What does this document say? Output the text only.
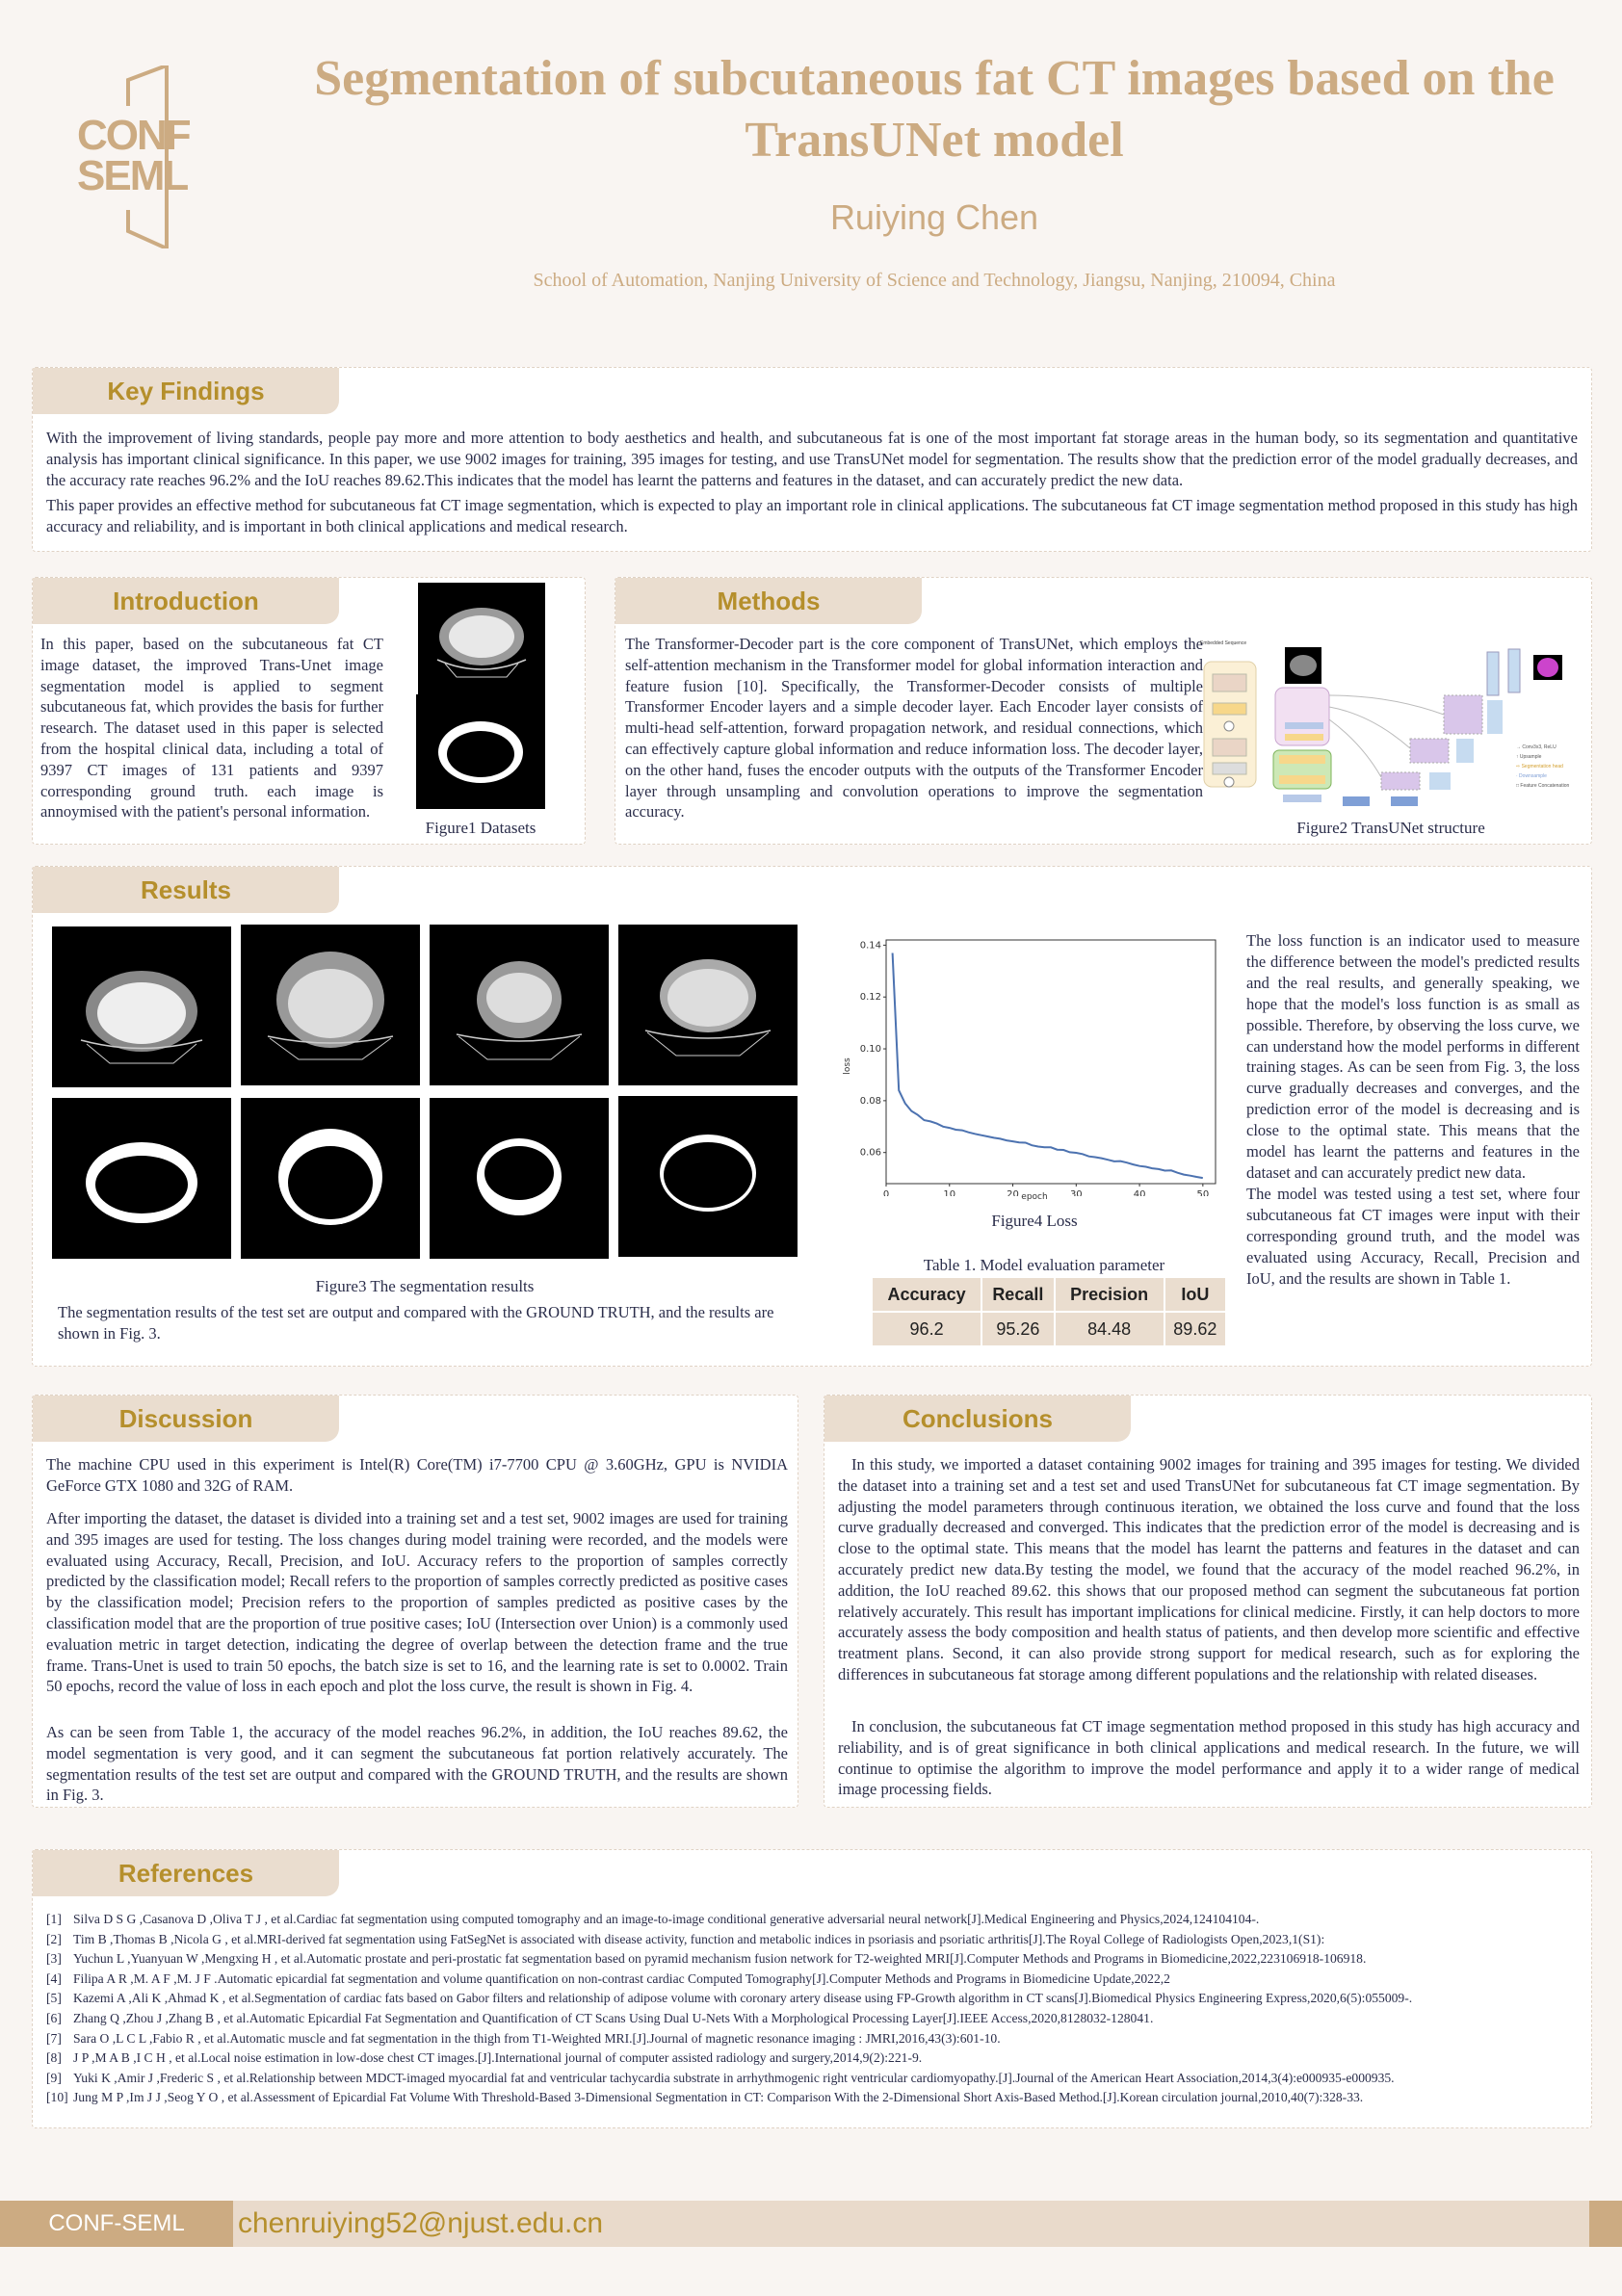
CONF
SEML
Segmentation of subcutaneous fat CT images based on the
TransUNet model
Ruiying Chen
School of Automation, Nanjing University of Science and Technology, Jiangsu, Nanjing, 210094, China
Key Findings
With the improvement of living standards, people pay more and more attention to body aesthetics and health, and subcutaneous fat is one of the most important fat storage areas in the human body, so its segmentation and quantitative analysis has important clinical significance. In this paper, we use 9002 images for training, 395 images for testing, and use TransUNet model for segmentation. The results show that the prediction error of the model gradually decreases, and the accuracy rate reaches 96.2% and the IoU reaches 89.62.This indicates that the model has learnt the patterns and features in the dataset, and can accurately predict the new data.
This paper provides an effective method for subcutaneous fat CT image segmentation, which is expected to play an important role in clinical applications. The subcutaneous fat CT image segmentation method proposed in this study has high accuracy and reliability, and is important in both clinical applications and medical research.
Introduction
In this paper, based on the subcutaneous fat CT image dataset, the improved Trans-Unet image segmentation model is applied to segment subcutaneous fat, which provides the basis for further research. The dataset used in this paper is selected from the hospital clinical data, including a total of 9397 CT images of 131 patients and 9397 corresponding ground truth. each image is annoymised with the patient's personal information.
Figure1 Datasets
Methods
The Transformer-Decoder part is the core component of TransUNet, which employs the self-attention mechanism in the Transformer model for global information interaction and feature fusion [10]. Specifically, the Transformer-Decoder consists of multiple Transformer Encoder layers and a simple decoder layer. Each Encoder layer consists of multi-head self-attention, forward propagation network, and residual connections, which can effectively capture global information and reduce information loss. The decoder layer, on the other hand, fuses the encoder outputs with the outputs of the Transformer Encoder layer through unsampling and convolution operations to improve the segmentation accuracy.
Embedded Sequence
→ Conv3x3, ReLU
↑ Upsample
⇨ Segmentation head
· Downsample
□ Feature Concatenation
Figure2 TransUNet structure
Results
Figure3 The segmentation results
The segmentation results of the test set are output and compared with the GROUND TRUTH, and the results are shown in Fig. 3.
0.06
0.08
0.10
0.12
0.14
0	10	20	30	40	50
loss
epoch
Figure4 Loss
Table 1. Model evaluation parameter
Accuracy	Recall	Precision	IoU
96.2	95.26	84.48	89.62
The loss function is an indicator used to measure the difference between the model's predicted results and the real results, and generally speaking, we hope that the model's loss function is as small as possible. Therefore, by observing the loss curve, we can understand how the model performs in different training stages. As can be seen from Fig. 3, the loss curve gradually decreases and converges, and the prediction error of the model is decreasing and is close to the optimal state. This means that the model has learnt the patterns and features in the dataset and can accurately predict new data.
The model was tested using a test set, where four subcutaneous fat CT images were input with their corresponding ground truth, and the model was evaluated using Accuracy, Recall, Precision and IoU, and the results are shown in Table 1.
Discussion
The machine CPU used in this experiment is Intel(R) Core(TM) i7-7700 CPU @ 3.60GHz, GPU is NVIDIA GeForce GTX 1080 and 32G of RAM.
After importing the dataset, the dataset is divided into a training set and a test set, 9002 images are used for training and 395 images are used for testing. The loss changes during model training were recorded, and the models were evaluated using Accuracy, Recall, Precision, and IoU. Accuracy refers to the proportion of samples correctly predicted by the classification model; Recall refers to the proportion of samples correctly predicted as positive cases by the classification model; Precision refers to the proportion of samples predicted as positive cases by the classification model that are the proportion of true positive cases; IoU (Intersection over Union) is a commonly used evaluation metric in target detection, indicating the degree of overlap between the detection frame and the true frame. Trans-Unet is used to train 50 epochs, the batch size is set to 16, and the learning rate is set to 0.0002. Train 50 epochs, record the value of loss in each epoch and plot the loss curve, the result is shown in Fig. 4.
As can be seen from Table 1, the accuracy of the model reaches 96.2%, in addition, the IoU reaches 89.62, the model segmentation is very good, and it can segment the subcutaneous fat portion relatively accurately. The segmentation results of the test set are output and compared with the GROUND TRUTH, and the results are shown in Fig. 3.
Conclusions
In this study, we imported a dataset containing 9002 images for training and 395 images for testing. We divided the dataset into a training set and a test set and used TransUNet for subcutaneous fat CT image segmentation. By adjusting the model parameters through continuous iteration, we obtained the loss curve and found that the loss curve gradually decreased and converged. This indicates that the prediction error of the model is decreasing and is close to the optimal state. This means that the model has learnt the patterns and features in the dataset and can accurately predict new data.By testing the model, we found that the accuracy of the model reached 96.2%, in addition, the IoU reached 89.62. this shows that our proposed method can segment the subcutaneous fat portion relatively accurately. This result has important implications for clinical medicine. Firstly, it can help doctors to more accurately assess the body composition and health status of patients, and then develop more scientific and effective treatment plans. Second, it can also provide strong support for medical research, such as for exploring the differences in subcutaneous fat storage among different populations and the relationship with related diseases.
In conclusion, the subcutaneous fat CT image segmentation method proposed in this study has high accuracy and reliability, and is of great significance in both clinical applications and medical research. In the future, we will continue to optimise the algorithm to improve the model performance and apply it to a wider range of medical image processing fields.
References
[1] Silva D S G ,Casanova D ,Oliva T J , et al.Cardiac fat segmentation using computed tomography and an image-to-image conditional generative adversarial neural network[J].Medical Engineering and Physics,2024,124104104-.
[2] Tim B ,Thomas B ,Nicola G , et al.MRI-derived fat segmentation using FatSegNet is associated with disease activity, function and metabolic indices in psoriasis and psoriatic arthritis[J].The Royal College of Radiologists Open,2023,1(S1):
[3] Yuchun L ,Yuanyuan W ,Mengxing H , et al.Automatic prostate and peri-prostatic fat segmentation based on pyramid mechanism fusion network for T2-weighted MRI[J].Computer Methods and Programs in Biomedicine,2022,223106918-106918.
[4] Filipa A R ,M. A F ,M. J F .Automatic epicardial fat segmentation and volume quantification on non-contrast cardiac Computed Tomography[J].Computer Methods and Programs in Biomedicine Update,2022,2
[5] Kazemi A ,Ali K ,Ahmad K , et al.Segmentation of cardiac fats based on Gabor filters and relationship of adipose volume with coronary artery disease using FP-Growth algorithm in CT scans[J].Biomedical Physics Engineering Express,2020,6(5):055009-.
[6] Zhang Q ,Zhou J ,Zhang B , et al.Automatic Epicardial Fat Segmentation and Quantification of CT Scans Using Dual U-Nets With a Morphological Processing Layer[J].IEEE Access,2020,8128032-128041.
[7] Sara O ,L C L ,Fabio R , et al.Automatic muscle and fat segmentation in the thigh from T1-Weighted MRI.[J].Journal of magnetic resonance imaging : JMRI,2016,43(3):601-10.
[8] J P ,M A B ,I C H , et al.Local noise estimation in low-dose chest CT images.[J].International journal of computer assisted radiology and surgery,2014,9(2):221-9.
[9] Yuki K ,Amir J ,Frederic S , et al.Relationship between MDCT-imaged myocardial fat and ventricular tachycardia substrate in arrhythmogenic right ventricular cardiomyopathy.[J].Journal of the American Heart Association,2014,3(4):e000935-e000935.
[10] Jung M P ,Im J J ,Seog Y O , et al.Assessment of Epicardial Fat Volume With Threshold-Based 3-Dimensional Segmentation in CT: Comparison With the 2-Dimensional Short Axis-Based Method.[J].Korean circulation journal,2010,40(7):328-33.
CONF-SEML	chenruiying52@njust.edu.cn
